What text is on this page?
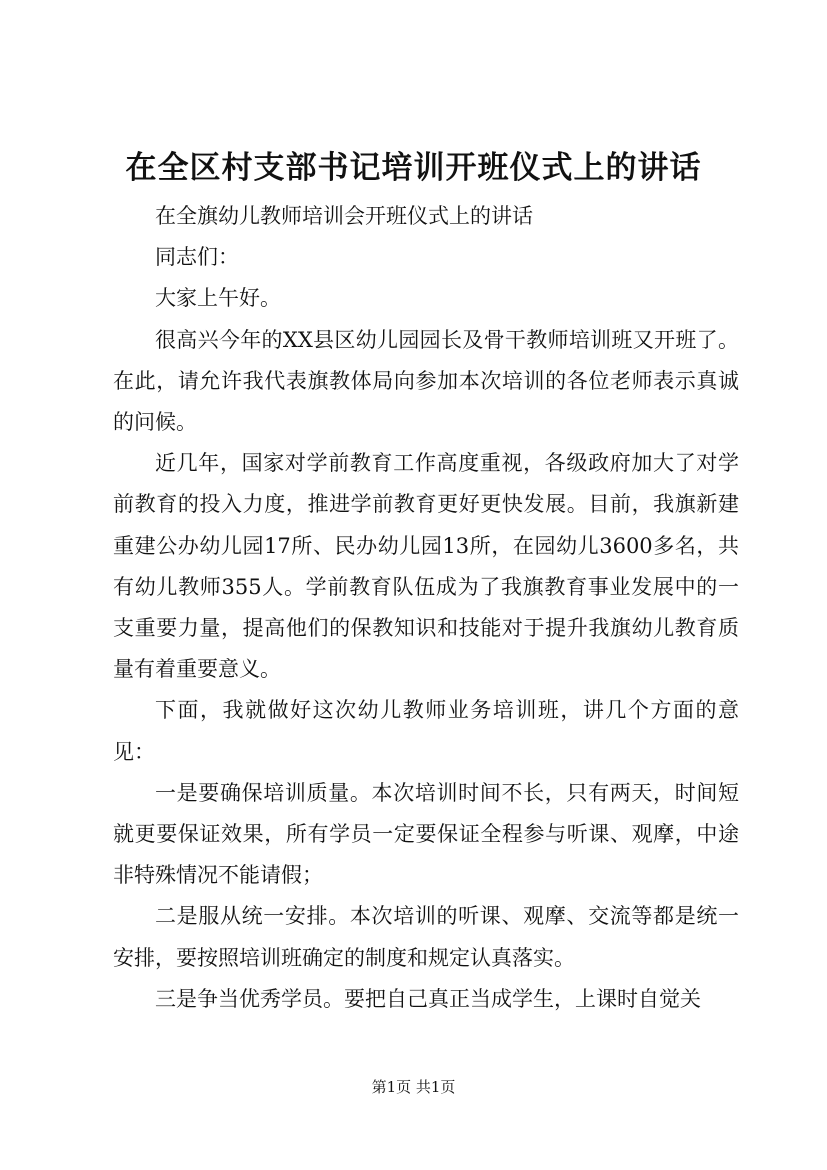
在全区村支部书记培训开班仪式上的讲话

在全旗幼儿教师培训会开班仪式上的讲话

同志们：

大家上午好。

很高兴今年的XX县区幼儿园园长及骨干教师培训班又开班了。在此，请允许我代表旗教体局向参加本次培训的各位老师表示真诚的问候。

近几年，国家对学前教育工作高度重视，各级政府加大了对学前教育的投入力度，推进学前教育更好更快发展。目前，我旗新建重建公办幼儿园17所、民办幼儿园13所，在园幼儿3600多名，共有幼儿教师355人。学前教育队伍成为了我旗教育事业发展中的一支重要力量，提高他们的保教知识和技能对于提升我旗幼儿教育质量有着重要意义。

下面，我就做好这次幼儿教师业务培训班，讲几个方面的意见：

一是要确保培训质量。本次培训时间不长，只有两天，时间短就更要保证效果，所有学员一定要保证全程参与听课、观摩，中途非特殊情况不能请假；

二是服从统一安排。本次培训的听课、观摩、交流等都是统一安排，要按照培训班确定的制度和规定认真落实。

三是争当优秀学员。要把自己真正当成学生，上课时自觉关

第1页 共1页
